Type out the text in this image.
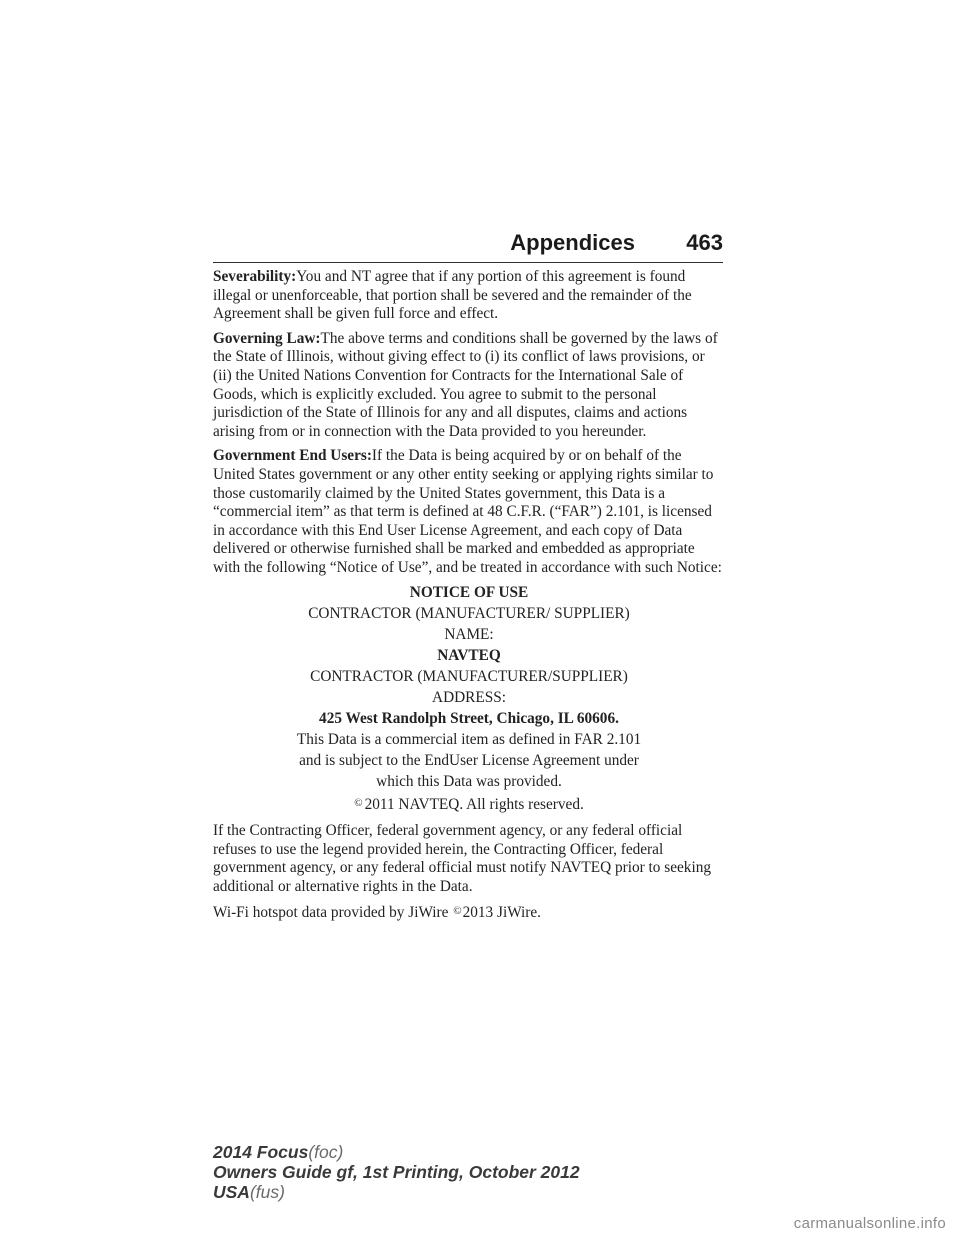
Appendices 463

Severability:You and NT agree that if any portion of this agreement is found illegal or unenforceable, that portion shall be severed and the remainder of the Agreement shall be given full force and effect.

Governing Law:The above terms and conditions shall be governed by the laws of the State of Illinois, without giving effect to (i) its conflict of laws provisions, or (ii) the United Nations Convention for Contracts for the International Sale of Goods, which is explicitly excluded. You agree to submit to the personal jurisdiction of the State of Illinois for any and all disputes, claims and actions arising from or in connection with the Data provided to you hereunder.

Government End Users:If the Data is being acquired by or on behalf of the United States government or any other entity seeking or applying rights similar to those customarily claimed by the United States government, this Data is a “commercial item” as that term is defined at 48 C.F.R. (“FAR”) 2.101, is licensed in accordance with this End User License Agreement, and each copy of Data delivered or otherwise furnished shall be marked and embedded as appropriate with the following “Notice of Use”, and be treated in accordance with such Notice:

NOTICE OF USE
CONTRACTOR (MANUFACTURER/ SUPPLIER)
NAME:
NAVTEQ
CONTRACTOR (MANUFACTURER/SUPPLIER)
ADDRESS:
425 West Randolph Street, Chicago, IL 60606.
This Data is a commercial item as defined in FAR 2.101
and is subject to the EndUser License Agreement under
which this Data was provided.
© 2011 NAVTEQ. All rights reserved.

If the Contracting Officer, federal government agency, or any federal official refuses to use the legend provided herein, the Contracting Officer, federal government agency, or any federal official must notify NAVTEQ prior to seeking additional or alternative rights in the Data.

Wi-Fi hotspot data provided by JiWire ©2013 JiWire.

2014 Focus(foc)
Owners Guide gf, 1st Printing, October 2012
USA(fus)
carmanualsonline.info
